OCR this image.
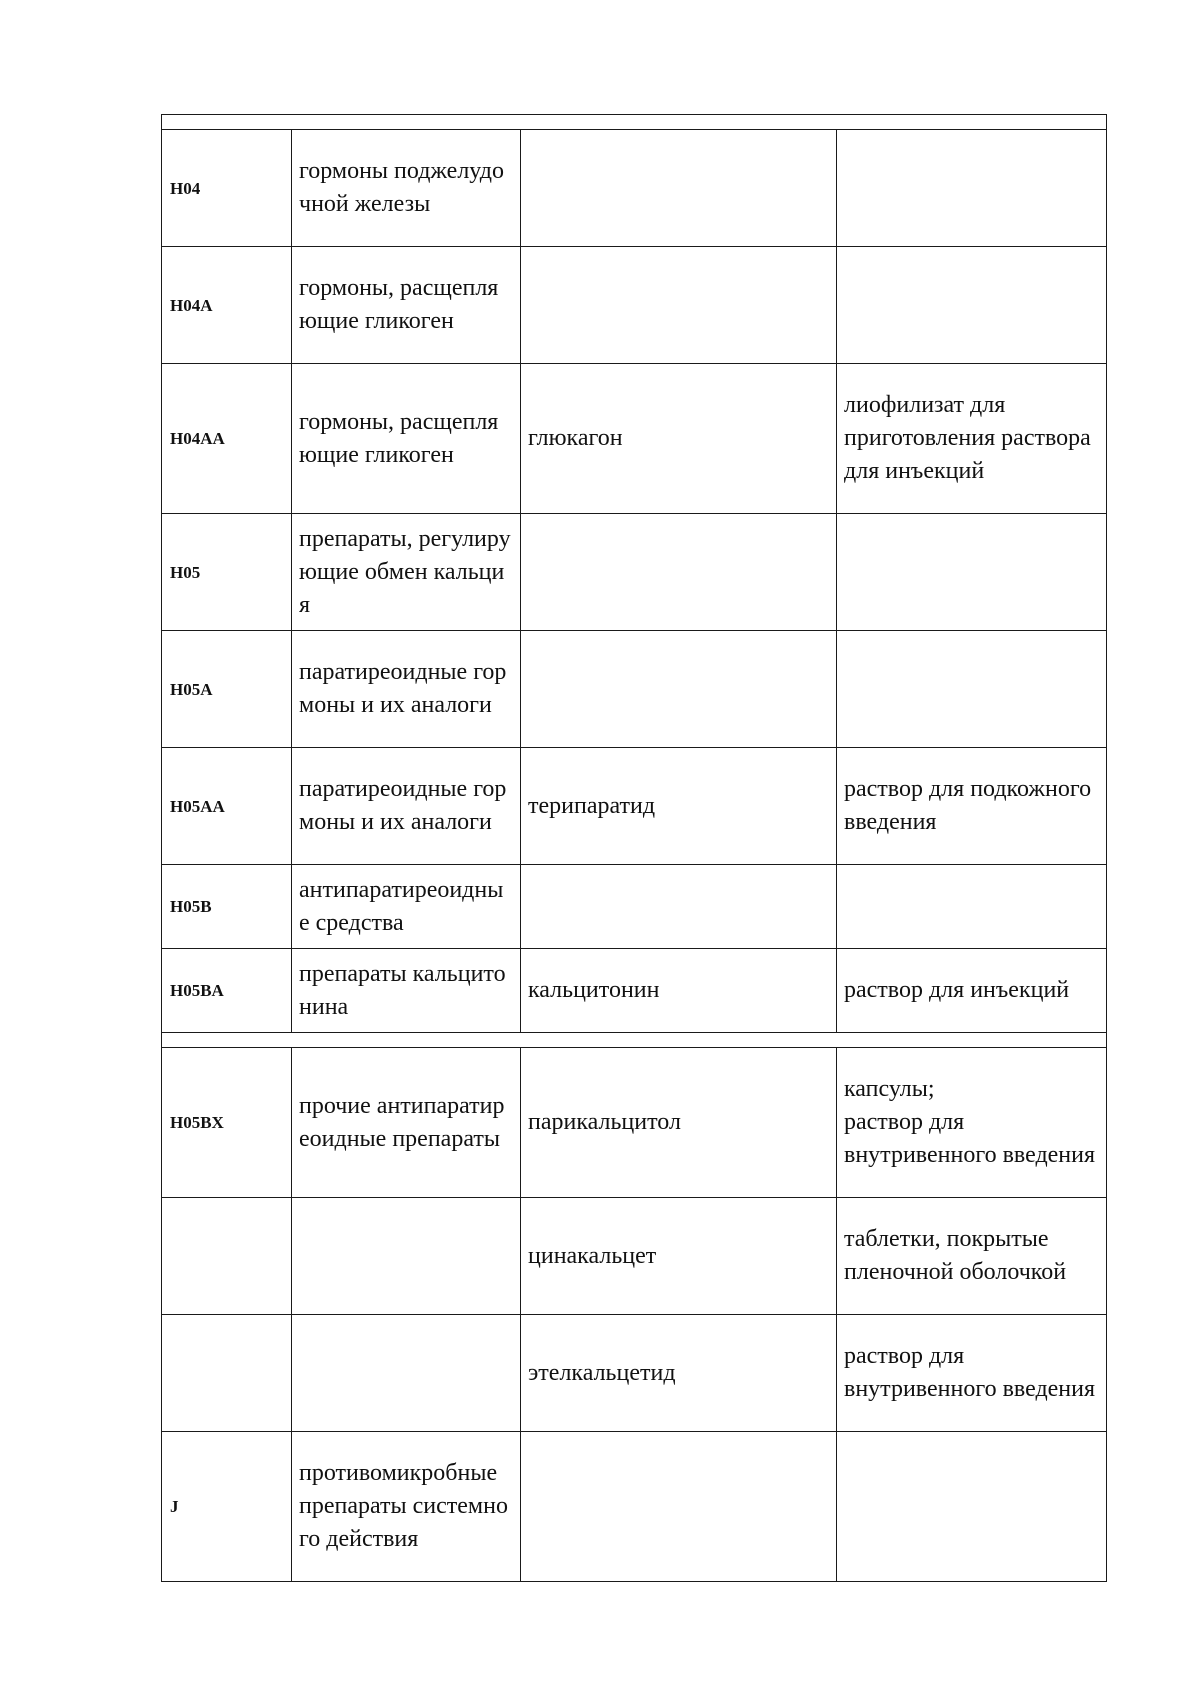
H04	гормоны поджелудочной железы		
H04A	гормоны, расщепляющие гликоген		
H04AA	гормоны, расщепляющие гликоген	глюкагон	лиофилизат для приготовления раствора для инъекций
H05	препараты, регулирующие обмен кальция		
H05A	паратиреоидные гормоны и их аналоги		
H05AA	паратиреоидные гормоны и их аналоги	терипаратид	раствор для подкожного введения
H05B	антипаратиреоидные средства		
H05BA	препараты кальцитонина	кальцитонин	раствор для инъекций

H05BX	прочие антипаратиреоидные препараты	парикальцитол	капсулы;
раствор для внутривенного введения
		цинакальцет	таблетки, покрытые пленочной оболочкой
		этелкальцетид	раствор для внутривенного введения
J	противомикробные препараты системного действия		
